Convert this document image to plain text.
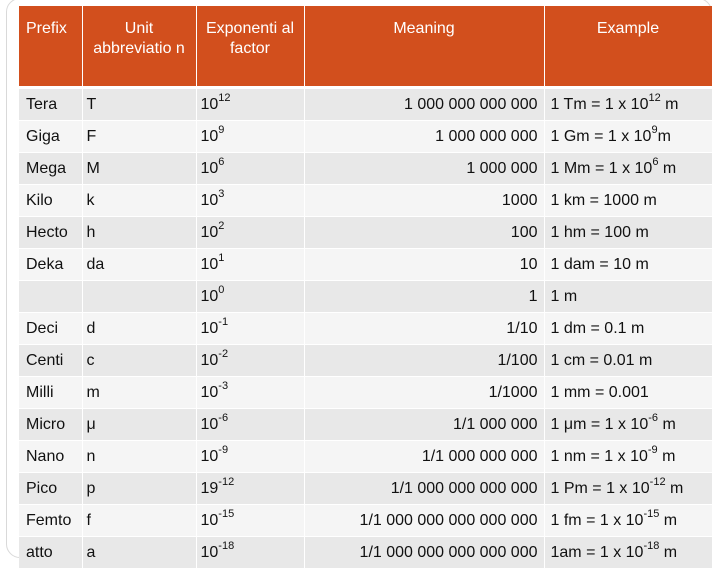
Prefix	Unit abbreviatio n	Exponenti al factor	Meaning	Example
Tera	T	$10^{12}$	1 000 000 000 000	1 Tm = 1 x $10^{12}$ m
Giga	F	$10^9$	1 000 000 000	1 Gm = 1 x $10^9m$
Mega	M	$10^6$	1 000 000	1 Mm = 1 x $10^6$ m
Kilo	k	$10^3$	1000	1 km = 1000 m
Hecto	h	$10^2$	100	1 hm = 100 m
Deka	da	$10^1$	10	1 dam = 10 m
		$10^0$	1	1 m
Deci	d	$10^{-1}$	1/10	1 dm = 0.1 m
Centi	c	$10^{-2}$	1/100	1 cm = 0.01 m
Milli	m	$10^{-3}$	1/1000	1 mm = 0.001
Micro	μ	$10^{-6}$	1/1 000 000	1 μm = 1 x $10^{-6}$ m
Nano	n	$10^{-9}$	1/1 000 000 000	1 nm = 1 x $10^{-9}$ m
Pico	p	$19^{-12}$	1/1 000 000 000 000	1 Pm = 1 x $10^{-12}$ m
Femto	f	$10^{-15}$	1/1 000 000 000 000 000	1 fm = 1 x $10^{-15}$ m
atto	a	$10^{-18}$	1/1 000 000 000 000 000	1am = 1 x $10^{-18}$ m
